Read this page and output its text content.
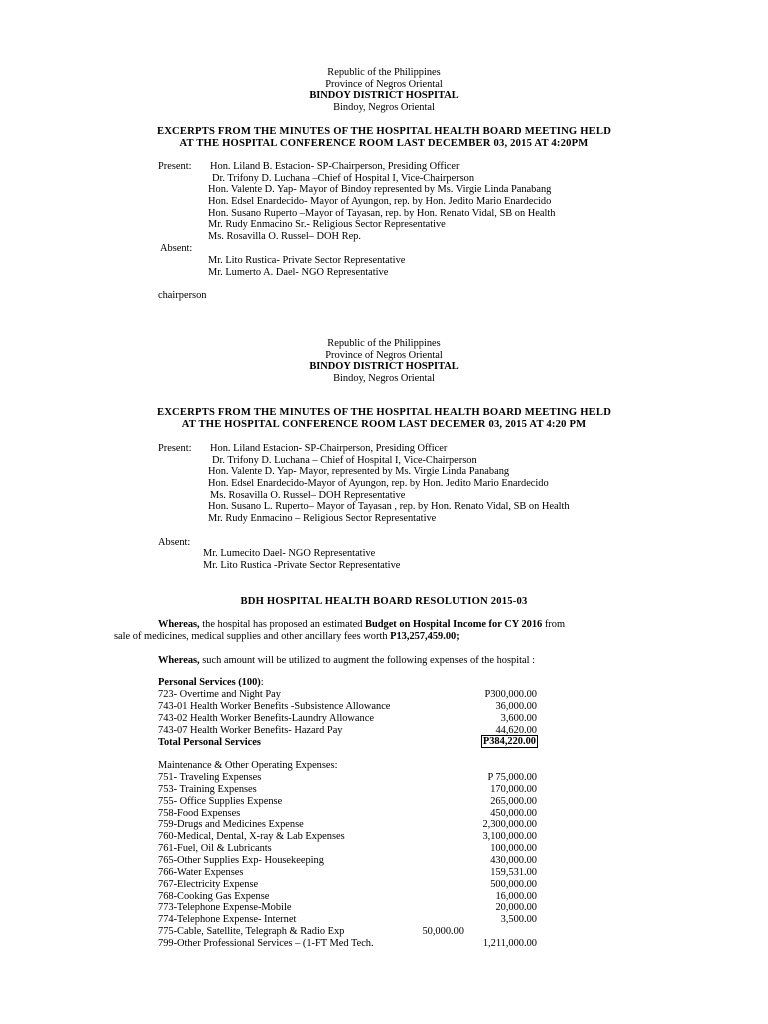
Republic of the Philippines
Province of Negros Oriental
BINDOY DISTRICT HOSPITAL
Bindoy, Negros Oriental
EXCERPTS FROM THE MINUTES OF THE HOSPITAL HEALTH BOARD MEETING HELD
AT THE HOSPITAL CONFERENCE ROOM LAST DECEMBER 03, 2015 AT 4:20PM
Present: Hon. Liland B. Estacion- SP-Chairperson, Presiding Officer
Dr. Trifony D. Luchana –Chief of Hospital I, Vice-Chairperson
Hon. Valente D. Yap- Mayor of Bindoy represented by Ms. Virgie Linda Panabang
Hon. Edsel Enardecido- Mayor of Ayungon, rep. by Hon. Jedito Mario Enardecido
Hon. Susano Ruperto –Mayor of Tayasan, rep. by Hon. Renato Vidal, SB on Health
Mr. Rudy Enmacino Sr.- Religious Sector Representative
Ms. Rosavilla O. Russel– DOH Rep.
Absent:
Mr. Lito Rustica- Private Sector Representative
Mr. Lumerto A. Dael- NGO Representative
chairperson
Republic of the Philippines
Province of Negros Oriental
BINDOY DISTRICT HOSPITAL
Bindoy, Negros Oriental
EXCERPTS FROM THE MINUTES OF THE HOSPITAL HEALTH BOARD MEETING HELD
AT THE HOSPITAL CONFERENCE ROOM LAST DECEMER 03, 2015 AT 4:20 PM
Present: Hon. Liland Estacion- SP-Chairperson, Presiding Officer
Dr. Trifony D. Luchana – Chief of Hospital I, Vice-Chairperson
Hon. Valente D. Yap- Mayor, represented by Ms. Virgie Linda Panabang
Hon. Edsel Enardecido-Mayor of Ayungon, rep. by Hon. Jedito Mario Enardecido
Ms. Rosavilla O. Russel– DOH Representative
Hon. Susano L. Ruperto– Mayor of Tayasan , rep. by Hon. Renato Vidal, SB on Health
Mr. Rudy Enmacino – Religious Sector Representative
Absent:
Mr. Lumecito Dael- NGO Representative
Mr. Lito Rustica -Private Sector Representative
BDH HOSPITAL HEALTH BOARD RESOLUTION 2015-03
Whereas, the hospital has proposed an estimated Budget on Hospital Income for CY 2016 from
sale of medicines, medical supplies and other ancillary fees worth P13,257,459.00;
Whereas, such amount will be utilized to augment the following expenses of the hospital :
Personal Services (100):
723- Overtime and Night Pay	P300,000.00
743-01 Health Worker Benefits -Subsistence Allowance	36,000.00
743-02 Health Worker Benefits-Laundry Allowance	3,600.00
743-07 Health Worker Benefits- Hazard Pay	44,620.00
Total Personal Services	P384,220.00
Maintenance & Other Operating Expenses:
751- Traveling Expenses	P 75,000.00
753- Training Expenses	170,000.00
755- Office Supplies Expense	265,000.00
758-Food Expenses	450,000.00
759-Drugs and Medicines Expense	2,300,000.00
760-Medical, Dental, X-ray & Lab Expenses	3,100,000.00
761-Fuel, Oil & Lubricants	100,000.00
765-Other Supplies Exp- Housekeeping	430,000.00
766-Water Expenses	159,531.00
767-Electricity Expense	500,000.00
768-Cooking Gas Expense	16,000.00
773-Telephone Expense-Mobile	20,000.00
774-Telephone Expense- Internet	3,500.00
775-Cable, Satellite, Telegraph & Radio Exp	50,000.00
799-Other Professional Services – (1-FT Med Tech.	1,211,000.00
